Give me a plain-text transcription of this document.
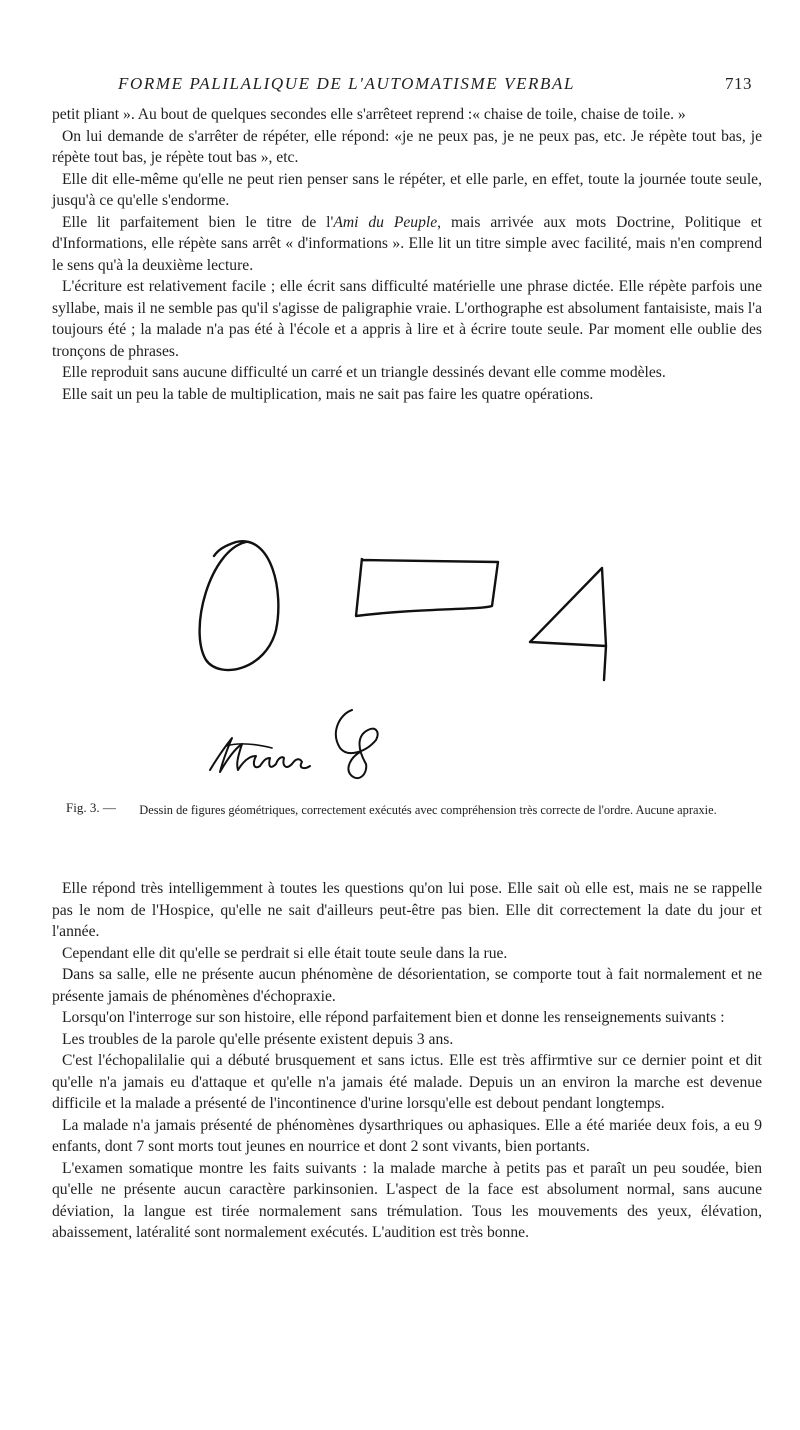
FORME PALILALIQUE DE L'AUTOMATISME VERBAL	713

petit pliant ». Au bout de quelques secondes elle s'arrêteet reprend :« chaise de toile, chaise de toile. »

On lui demande de s'arrêter de répéter, elle répond: «je ne peux pas, je ne peux pas, etc. Je répète tout bas, je répète tout bas, je répète tout bas », etc.

Elle dit elle-même qu'elle ne peut rien penser sans le répéter, et elle parle, en effet, toute la journée toute seule, jusqu'à ce qu'elle s'endorme.

Elle lit parfaitement bien le titre de l'Ami du Peuple, mais arrivée aux mots Doctrine, Politique et d'Informations, elle répète sans arrêt « d'informations ». Elle lit un titre simple avec facilité, mais n'en comprend le sens qu'à la deuxième lecture.

L'écriture est relativement facile ; elle écrit sans difficulté matérielle une phrase dictée. Elle répète parfois une syllabe, mais il ne semble pas qu'il s'agisse de paligraphie vraie. L'orthographe est absolument fantaisiste, mais l'a toujours été ; la malade n'a pas été à l'école et a appris à lire et à écrire toute seule. Par moment elle oublie des tronçons de phrases.

Elle reproduit sans aucune difficulté un carré et un triangle dessinés devant elle comme modèles.

Elle sait un peu la table de multiplication, mais ne sait pas faire les quatre opérations.

Fig. 3. —	Dessin de figures géométriques, correctement exécutés avec compréhension très correcte de l'ordre. Aucune apraxie.

Elle répond très intelligemment à toutes les questions qu'on lui pose. Elle sait où elle est, mais ne se rappelle pas le nom de l'Hospice, qu'elle ne sait d'ailleurs peut-être pas bien. Elle dit correctement la date du jour et l'année.

Cependant elle dit qu'elle se perdrait si elle était toute seule dans la rue.

Dans sa salle, elle ne présente aucun phénomène de désorientation, se comporte tout à fait normalement et ne présente jamais de phénomènes d'échopraxie.

Lorsqu'on l'interroge sur son histoire, elle répond parfaitement bien et donne les renseignements suivants :

Les troubles de la parole qu'elle présente existent depuis 3 ans.

C'est l'échopalilalie qui a débuté brusquement et sans ictus. Elle est très affirmtive sur ce dernier point et dit qu'elle n'a jamais eu d'attaque et qu'elle n'a jamais été malade. Depuis un an environ la marche est devenue difficile et la malade a présenté de l'incontinence d'urine lorsqu'elle est debout pendant longtemps.

La malade n'a jamais présenté de phénomènes dysarthriques ou aphasiques. Elle a été mariée deux fois, a eu 9 enfants, dont 7 sont morts tout jeunes en nourrice et dont 2 sont vivants, bien portants.

L'examen somatique montre les faits suivants : la malade marche à petits pas et paraît un peu soudée, bien qu'elle ne présente aucun caractère parkinsonien. L'aspect de la face est absolument normal, sans aucune déviation, la langue est tirée normalement sans trémulation. Tous les mouvements des yeux, élévation, abaissement, latéralité sont normalement exécutés. L'audition est très bonne.
